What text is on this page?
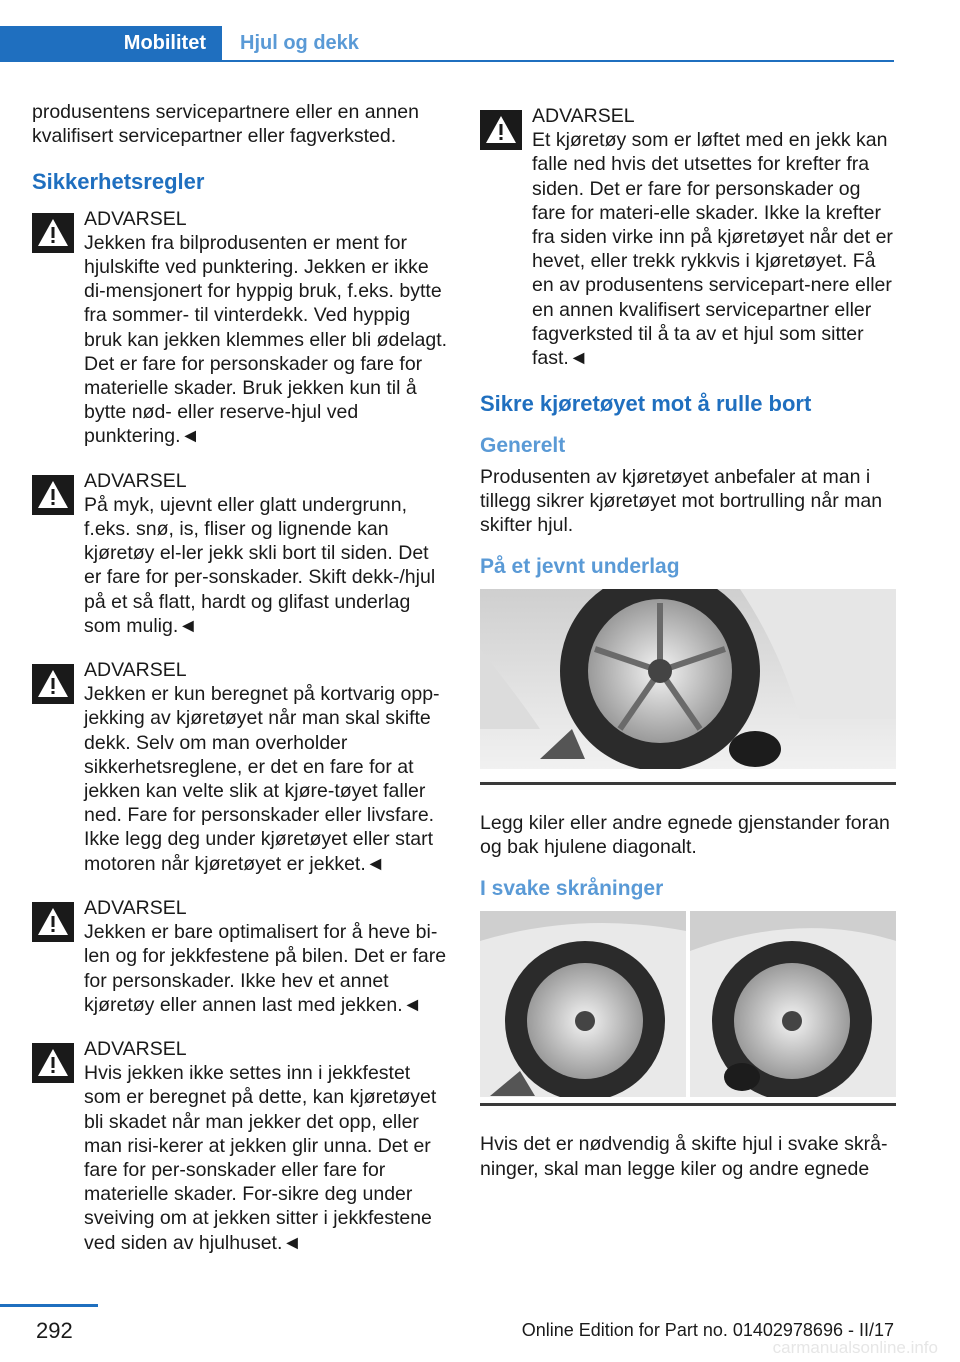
Mobilitet	Hjul og dekk

produsentens servicepartnere eller en annen kvalifisert servicepartner eller fagverksted.

Sikkerhetsregler
ADVARSEL
Jekken fra bilprodusenten er ment for hjulskifte ved punktering. Jekken er ikke di-mensjonert for hyppig bruk, f.eks. bytte fra sommer- til vinterdekk. Ved hyppig bruk kan jekken klemmes eller bli ødelagt. Det er fare for personskader og fare for materielle skader. Bruk jekken kun til å bytte nød- eller reserve-hjul ved punktering.◄
ADVARSEL
På myk, ujevnt eller glatt undergrunn, f.eks. snø, is, fliser og lignende kan kjøretøy el-ler jekk skli bort til siden. Det er fare for per-sonskader. Skift dekk-/hjul på et så flatt, hardt og glifast underlag som mulig.◄
ADVARSEL
Jekken er kun beregnet på kortvarig opp-jekking av kjøretøyet når man skal skifte dekk. Selv om man overholder sikkerhetsreglene, er det en fare for at jekken kan velte slik at kjøre-tøyet faller ned. Fare for personskader eller livsfare. Ikke legg deg under kjøretøyet eller start motoren når kjøretøyet er jekket.◄
ADVARSEL
Jekken er bare optimalisert for å heve bi-len og for jekkfestene på bilen. Det er fare for personskader. Ikke hev et annet kjøretøy eller annen last med jekken.◄
ADVARSEL
Hvis jekken ikke settes inn i jekkfestet som er beregnet på dette, kan kjøretøyet bli skadet når man jekker det opp, eller man risi-kerer at jekken glir unna. Det er fare for per-sonskader eller fare for materielle skader. For-sikre deg under sveiving om at jekken sitter i jekkfestene ved siden av hjulhuset.◄
ADVARSEL
Et kjøretøy som er løftet med en jekk kan falle ned hvis det utsettes for krefter fra siden. Det er fare for personskader og fare for materi-elle skader. Ikke la krefter fra siden virke inn på kjøretøyet når det er hevet, eller trekk rykkvis i kjøretøyet. Få en av produsentens servicepart-nere eller en annen kvalifisert servicepartner eller fagverksted til å ta av et hjul som sitter fast.◄
Sikre kjøretøyet mot å rulle bort
Generelt

Produsenten av kjøretøyet anbefaler at man i tillegg sikrer kjøretøyet mot bortrulling når man skifter hjul.

På et jevnt underlag

Legg kiler eller andre egnede gjenstander foran og bak hjulene diagonalt.

I svake skråninger

Hvis det er nødvendig å skifte hjul i svake skrå-ninger, skal man legge kiler og andre egnede

292	Online Edition for Part no. 01402978696 - II/17
carmanualsonline.info
